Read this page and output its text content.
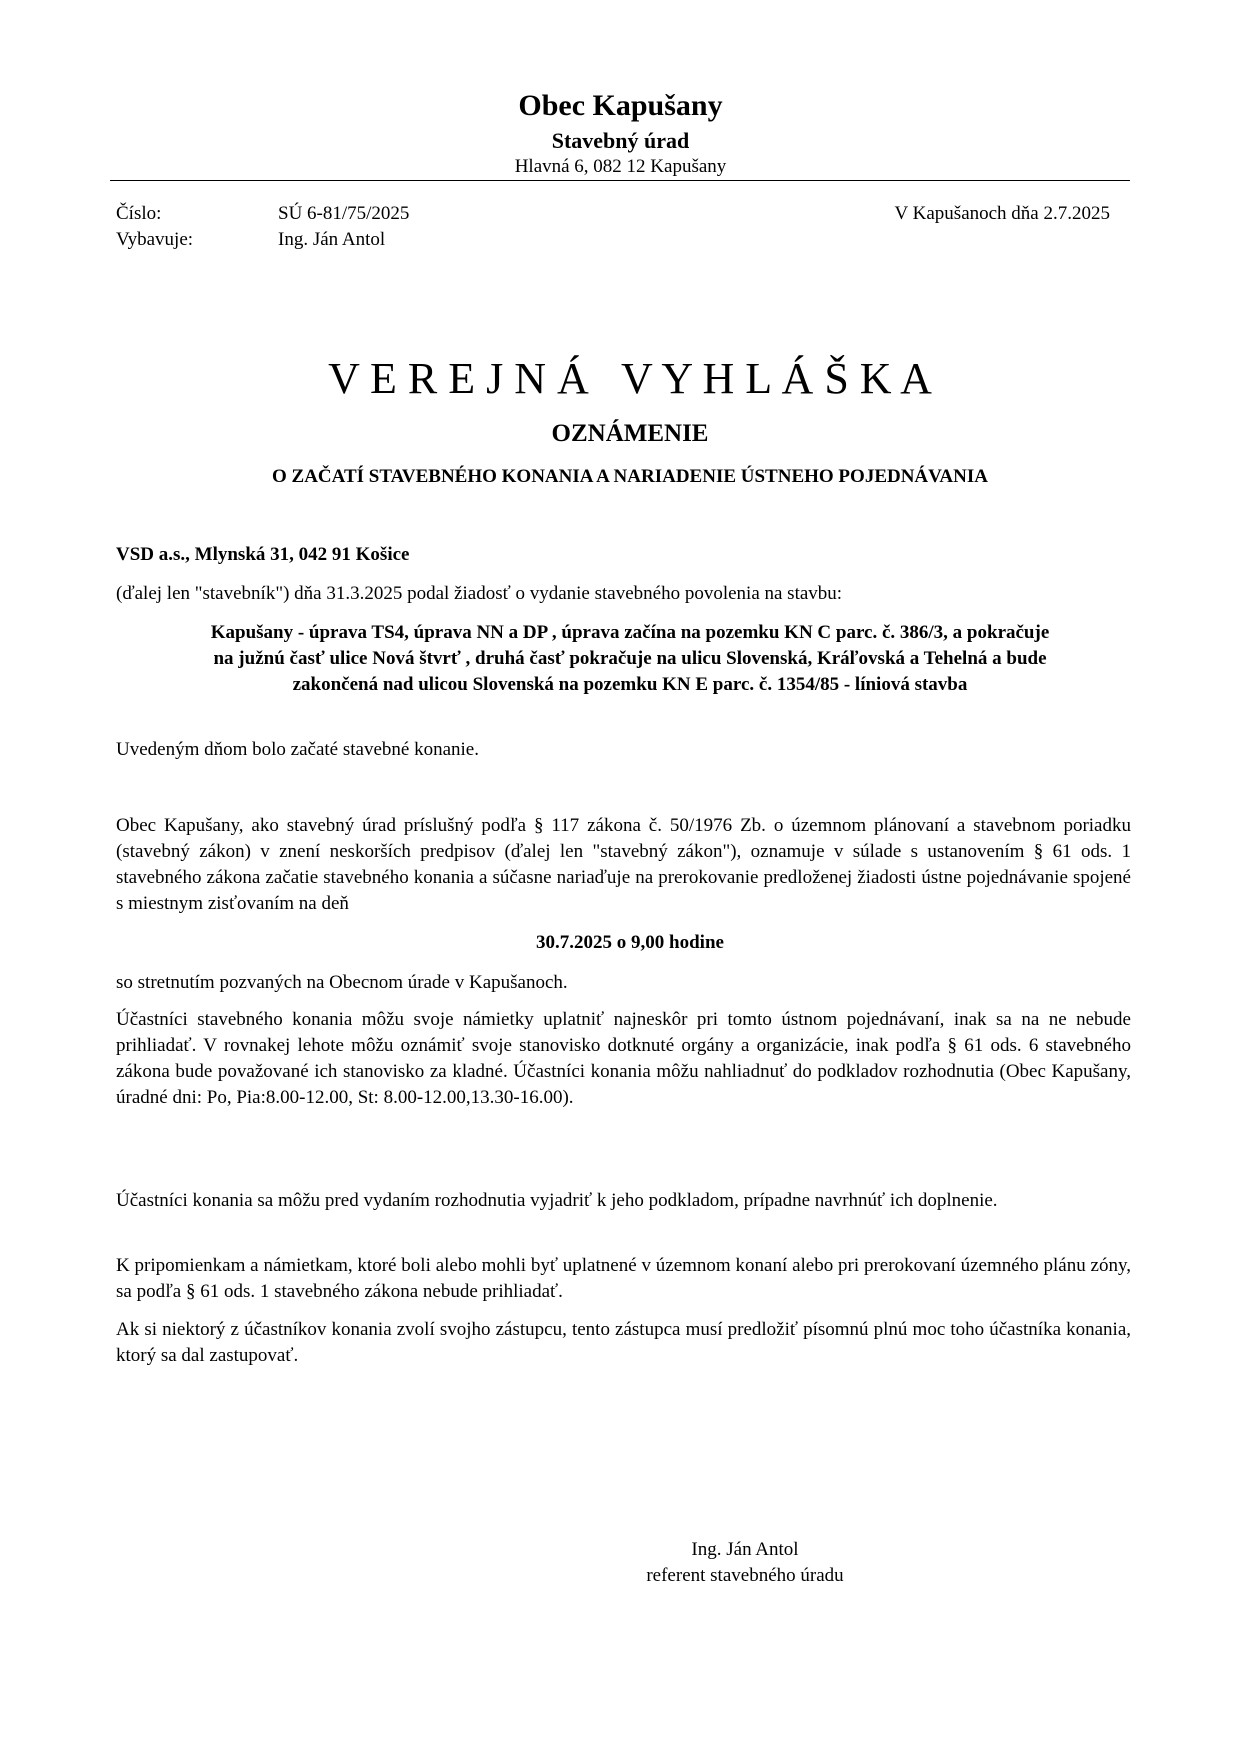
Obec Kapušany
Stavebný úrad
Hlavná 6, 082 12 Kapušany
Číslo:	SÚ 6-81/75/2025	V Kapušanoch dňa 2.7.2025
Vybavuje:	Ing. Ján Antol
V E R E J N Á   V Y H L Á Š K A
OZNÁMENIE
O ZAČATÍ STAVEBNÉHO KONANIA A NARIADENIE ÚSTNEHO POJEDNÁVANIA
VSD a.s., Mlynská 31, 042 91 Košice
(ďalej len "stavebník") dňa 31.3.2025 podal žiadosť o vydanie stavebného povolenia na stavbu:
Kapušany - úprava TS4, úprava NN a DP , úprava začína na pozemku KN C parc. č. 386/3, a pokračuje
na južnú časť ulice Nová štvrť , druhá časť pokračuje na ulicu Slovenská, Kráľovská a Tehelná a bude
zakončená nad ulicou Slovenská na pozemku KN E parc. č. 1354/85 - líniová stavba
Uvedeným dňom bolo začaté stavebné konanie.

Obec Kapušany, ako stavebný úrad príslušný podľa § 117 zákona č. 50/1976 Zb. o územnom plánovaní a stavebnom poriadku (stavebný zákon) v znení neskorších predpisov (ďalej len "stavebný zákon"), oznamuje v súlade s ustanovením § 61 ods. 1 stavebného zákona začatie stavebného konania a súčasne nariaďuje na prerokovanie predloženej žiadosti ústne pojednávanie spojené s miestnym zisťovaním na deň

30.7.2025 o 9,00 hodine
so stretnutím pozvaných na Obecnom úrade v Kapušanoch.

Účastníci stavebného konania môžu svoje námietky uplatniť najneskôr pri tomto ústnom pojednávaní, inak sa na ne nebude prihliadať. V rovnakej lehote môžu oznámiť svoje stanovisko dotknuté orgány a organizácie, inak podľa § 61 ods. 6 stavebného zákona bude považované ich stanovisko za kladné. Účastníci konania môžu nahliadnuť do podkladov rozhodnutia (Obec Kapušany, úradné dni: Po, Pia:8.00-12.00, St: 8.00-12.00,13.30-16.00).

Účastníci konania sa môžu pred vydaním rozhodnutia vyjadriť k jeho podkladom, prípadne navrhnúť ich doplnenie.

K pripomienkam a námietkam, ktoré boli alebo mohli byť uplatnené v územnom konaní alebo pri prerokovaní územného plánu zóny, sa podľa § 61 ods. 1 stavebného zákona nebude prihliadať.

Ak si niektorý z účastníkov konania zvolí svojho zástupcu, tento zástupca musí predložiť písomnú plnú moc toho účastníka konania, ktorý sa dal zastupovať.

Ing. Ján Antol
referent stavebného úradu
